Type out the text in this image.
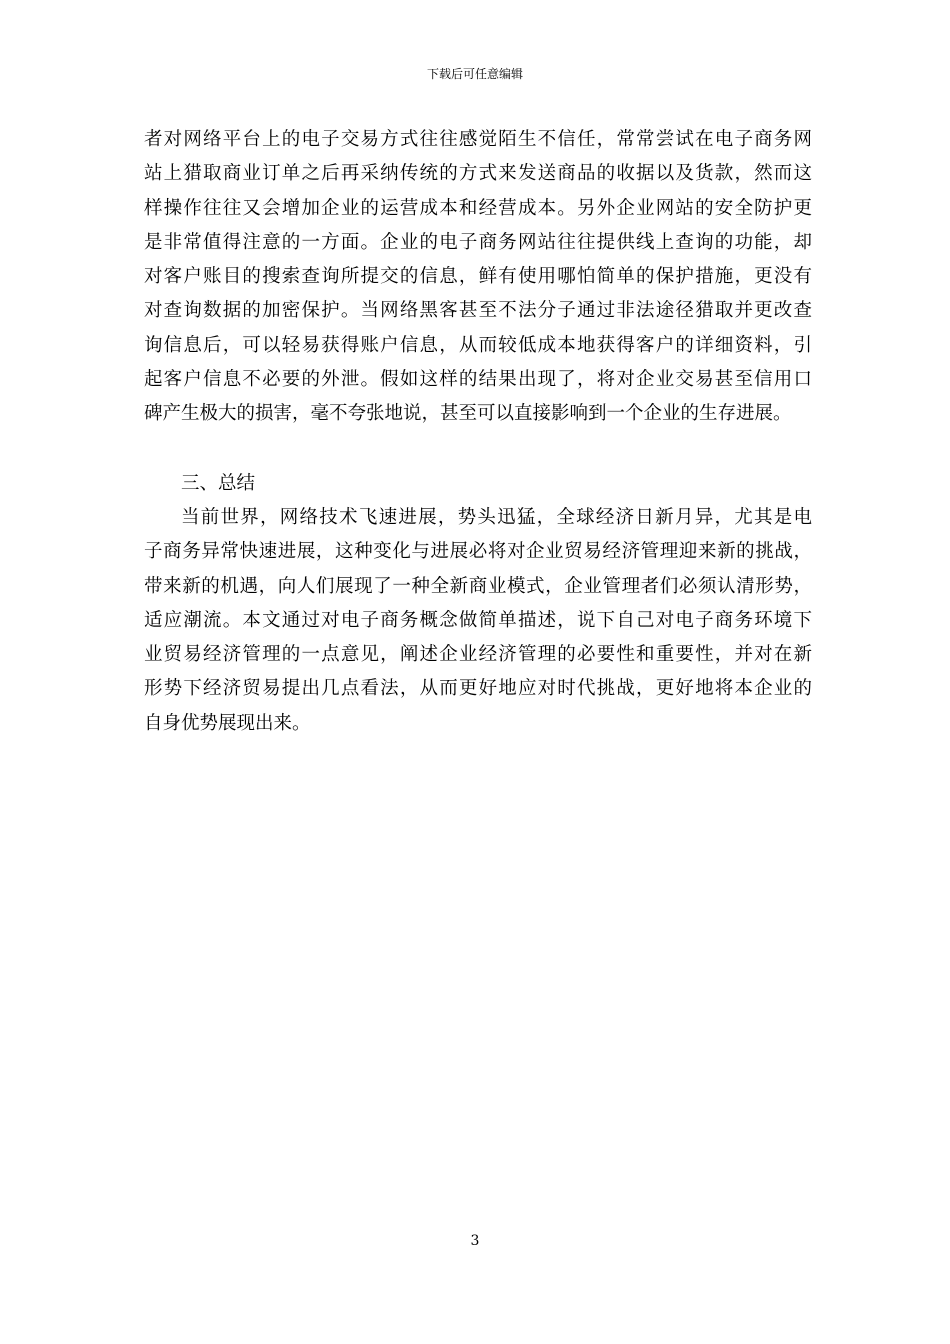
下载后可任意编辑
者对网络平台上的电子交易方式往往感觉陌生不信任，常常尝试在电子商务网
站上猎取商业订单之后再采纳传统的方式来发送商品的收据以及货款，然而这
样操作往往又会增加企业的运营成本和经营成本。另外企业网站的安全防护更
是非常值得注意的一方面。企业的电子商务网站往往提供线上查询的功能，却
对客户账目的搜索查询所提交的信息，鲜有使用哪怕简单的保护措施，更没有
对查询数据的加密保护。当网络黑客甚至不法分子通过非法途径猎取并更改查
询信息后，可以轻易获得账户信息，从而较低成本地获得客户的详细资料，引
起客户信息不必要的外泄。假如这样的结果出现了，将对企业交易甚至信用口
碑产生极大的损害，毫不夸张地说，甚至可以直接影响到一个企业的生存进展。
三、总结
当前世界，网络技术飞速进展，势头迅猛，全球经济日新月异，尤其是电
子商务异常快速进展，这种变化与进展必将对企业贸易经济管理迎来新的挑战，
带来新的机遇，向人们展现了一种全新商业模式，企业管理者们必须认清形势，
适应潮流。本文通过对电子商务概念做简单描述，说下自己对电子商务环境下
业贸易经济管理的一点意见，阐述企业经济管理的必要性和重要性，并对在新
形势下经济贸易提出几点看法，从而更好地应对时代挑战，更好地将本企业的
自身优势展现出来。
3
